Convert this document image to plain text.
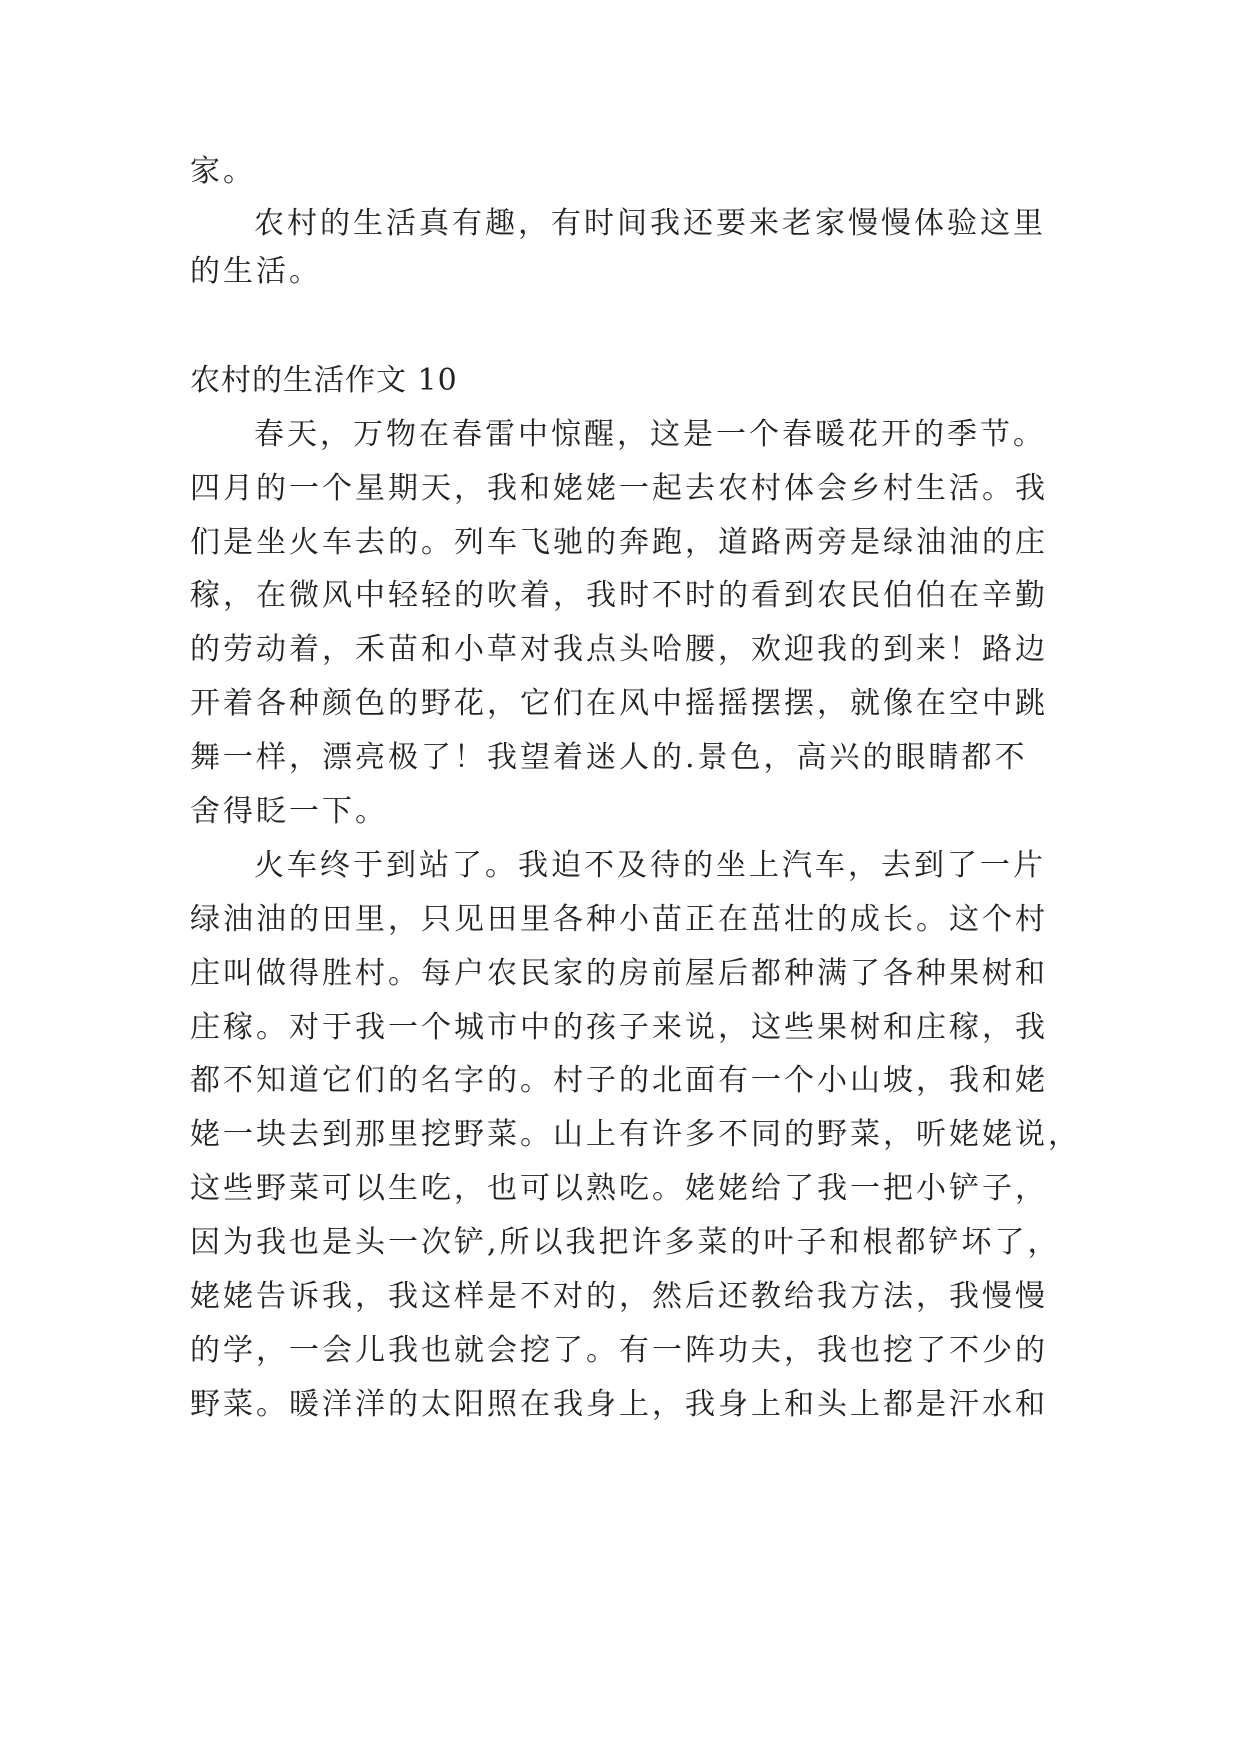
家。

农村的生活真有趣，有时间我还要来老家慢慢体验这里

的生活。

农村的生活作文 10

春天，万物在春雷中惊醒，这是一个春暖花开的季节。

四月的一个星期天，我和姥姥一起去农村体会乡村生活。我

们是坐火车去的。列车飞驰的奔跑，道路两旁是绿油油的庄

稼，在微风中轻轻的吹着，我时不时的看到农民伯伯在辛勤

的劳动着，禾苗和小草对我点头哈腰，欢迎我的到来！路边

开着各种颜色的野花，它们在风中摇摇摆摆，就像在空中跳

舞一样，漂亮极了！我望着迷人的.景色，高兴的眼睛都不

舍得眨一下。

火车终于到站了。我迫不及待的坐上汽车，去到了一片

绿油油的田里，只见田里各种小苗正在茁壮的成长。这个村

庄叫做得胜村。每户农民家的房前屋后都种满了各种果树和

庄稼。对于我一个城市中的孩子来说，这些果树和庄稼，我

都不知道它们的名字的。村子的北面有一个小山坡，我和姥

姥一块去到那里挖野菜。山上有许多不同的野菜，听姥姥说，

这些野菜可以生吃，也可以熟吃。姥姥给了我一把小铲子，

因为我也是头一次铲,所以我把许多菜的叶子和根都铲坏了，

姥姥告诉我，我这样是不对的，然后还教给我方法，我慢慢

的学，一会儿我也就会挖了。有一阵功夫，我也挖了不少的

野菜。暖洋洋的太阳照在我身上，我身上和头上都是汗水和
